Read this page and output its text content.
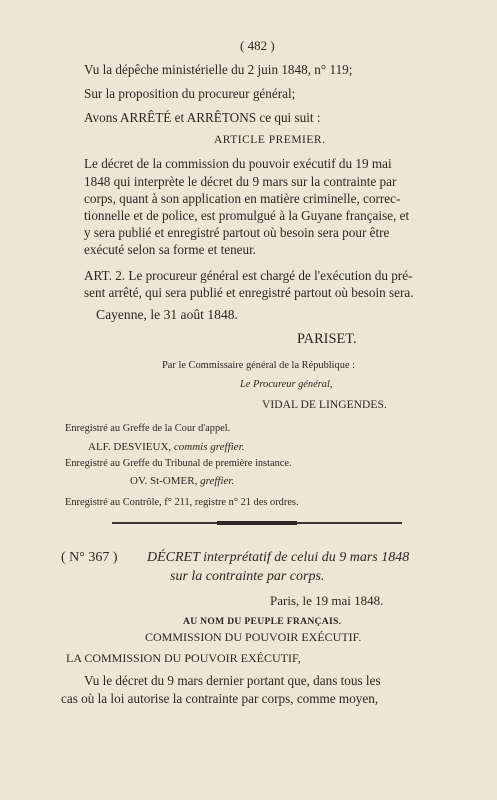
( 482 )
Vu la dépêche ministérielle du 2 juin 1848, n° 119;
Sur la proposition du procureur général;
Avons ARRÊTÉ et ARRÊTONS ce qui suit :
ARTICLE PREMIER.
Le décret de la commission du pouvoir exécutif du 19 mai
1848 qui interprète le décret du 9 mars sur la contrainte par
corps, quant à son application en matière criminelle, correc-
tionnelle et de police, est promulgué à la Guyane française, et
y sera publié et enregistré partout où besoin sera pour être
exécuté selon sa forme et teneur.
ART. 2. Le procureur général est chargé de l'exécution du pré-
sent arrêté, qui sera publié et enregistré partout où besoin sera.
Cayenne, le 31 août 1848.
PARISET.
Par le Commissaire général de la République :
Le Procureur général,
VIDAL DE LINGENDES.
Enregistré au Greffe de la Cour d'appel.
ALF. DESVIEUX, commis greffier.
Enregistré au Greffe du Tribunal de première instance.
OV. St-OMER, greffier.
Enregistré au Contrôle, f° 211, registre n° 21 des ordres.
( N° 367 ) DÉCRET interprétatif de celui du 9 mars 1848
sur la contrainte par corps.
Paris, le 19 mai 1848.
AU NOM DU PEUPLE FRANÇAIS.
COMMISSION DU POUVOIR EXÉCUTIF.
LA COMMISSION DU POUVOIR EXÉCUTIF,
Vu le décret du 9 mars dernier portant que, dans tous les
cas où la loi autorise la contrainte par corps, comme moyen,
